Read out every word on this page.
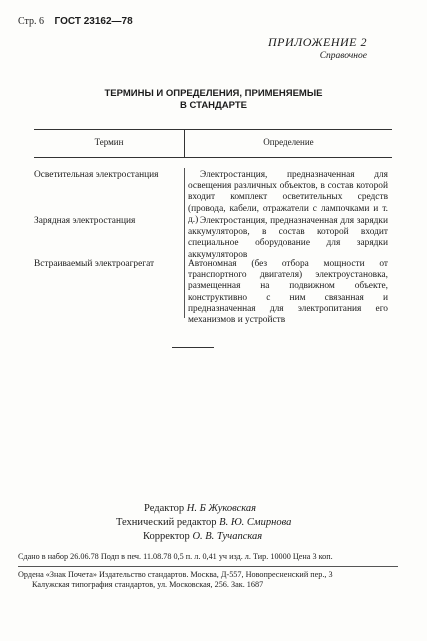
Стр. 6 ГОСТ 23162—78
ПРИЛОЖЕНИЕ 2
Справочное
ТЕРМИНЫ И ОПРЕДЕЛЕНИЯ, ПРИМЕНЯЕМЫЕ
В СТАНДАРТЕ
Термин	Определение
Осветительная электростанция	Электростанция, предназначенная для освещения различных объектов, в состав которой входит комплект осветительных средств (провода, кабели, отражатели с лампочками и т. д.)
Зарядная электростанция	Электростанция, предназначенная для зарядки аккумуляторов, в состав которой входит специальное оборудование для зарядки аккумуляторов
Встраиваемый электроагрегат	Автономная (без отбора мощности от транспортного двигателя) электроустановка, размещенная на подвижном объекте, конструктивно с ним связанная и предназначенная для электропитания его механизмов и устройств
Редактор Н. Б Жуковская
Технический редактор В. Ю. Смирнова
Корректор О. В. Тучапская
Сдано в набор 26.06.78 Подп в печ. 11.08.78 0,5 п. л. 0,41 уч изд. л. Тир. 10000 Цена 3 коп.
Ордена «Знак Почета» Издательство стандартов. Москва, Д-557, Новопресненский пер., 3
Калужская типография стандартов, ул. Московская, 256. Зак. 1687
